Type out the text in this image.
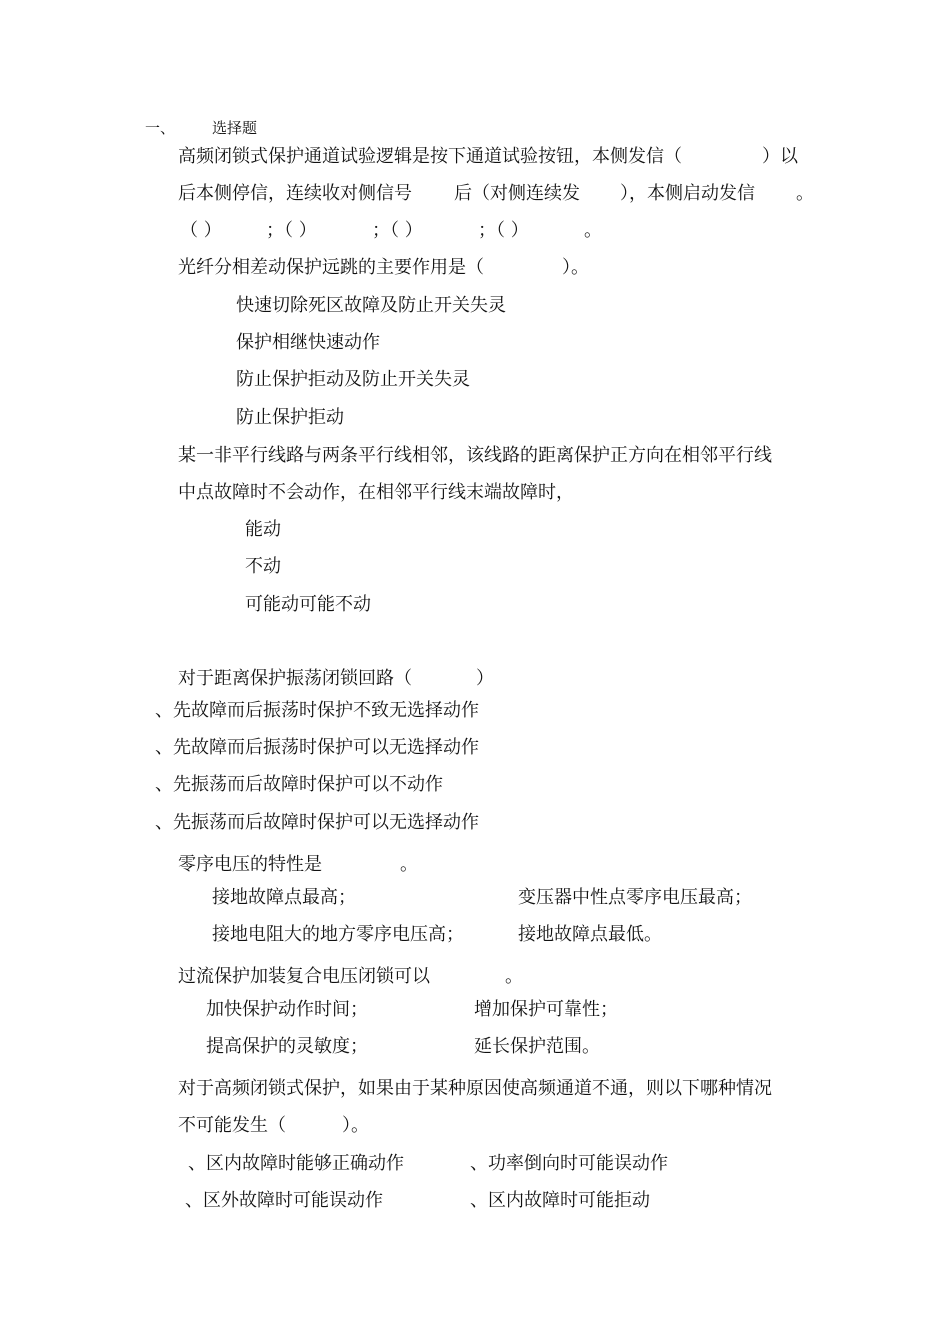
一、 选择题
高频闭锁式保护通道试验逻辑是按下通道试验按钮，本侧发信（	）以
后本侧停信，连续收对侧信号 后（对侧连续发 ），本侧启动发信 。
（ ） ；（ ）	；（ ）	；（ ）	。
光纤分相差动保护远跳的主要作用是（	）。
快速切除死区故障及防止开关失灵
保护相继快速动作
防止保护拒动及防止开关失灵
防止保护拒动
某一非平行线路与两条平行线相邻，该线路的距离保护正方向在相邻平行线
中点故障时不会动作，在相邻平行线末端故障时，
能动
不动
可能动可能不动
对于距离保护振荡闭锁回路（	）
、先故障而后振荡时保护不致无选择动作
、先故障而后振荡时保护可以无选择动作
、先振荡而后故障时保护可以不动作
、先振荡而后故障时保护可以无选择动作
零序电压的特性是	。
接地故障点最高；	变压器中性点零序电压最高；
接地电阻大的地方零序电压高；	接地故障点最低。
过流保护加装复合电压闭锁可以	。
加快保护动作时间；	增加保护可靠性；
提高保护的灵敏度；	延长保护范围。
对于高频闭锁式保护，如果由于某种原因使高频通道不通，则以下哪种情况
不可能发生（	）。
、区内故障时能够正确动作	、功率倒向时可能误动作
、区外故障时可能误动作	、区内故障时可能拒动
